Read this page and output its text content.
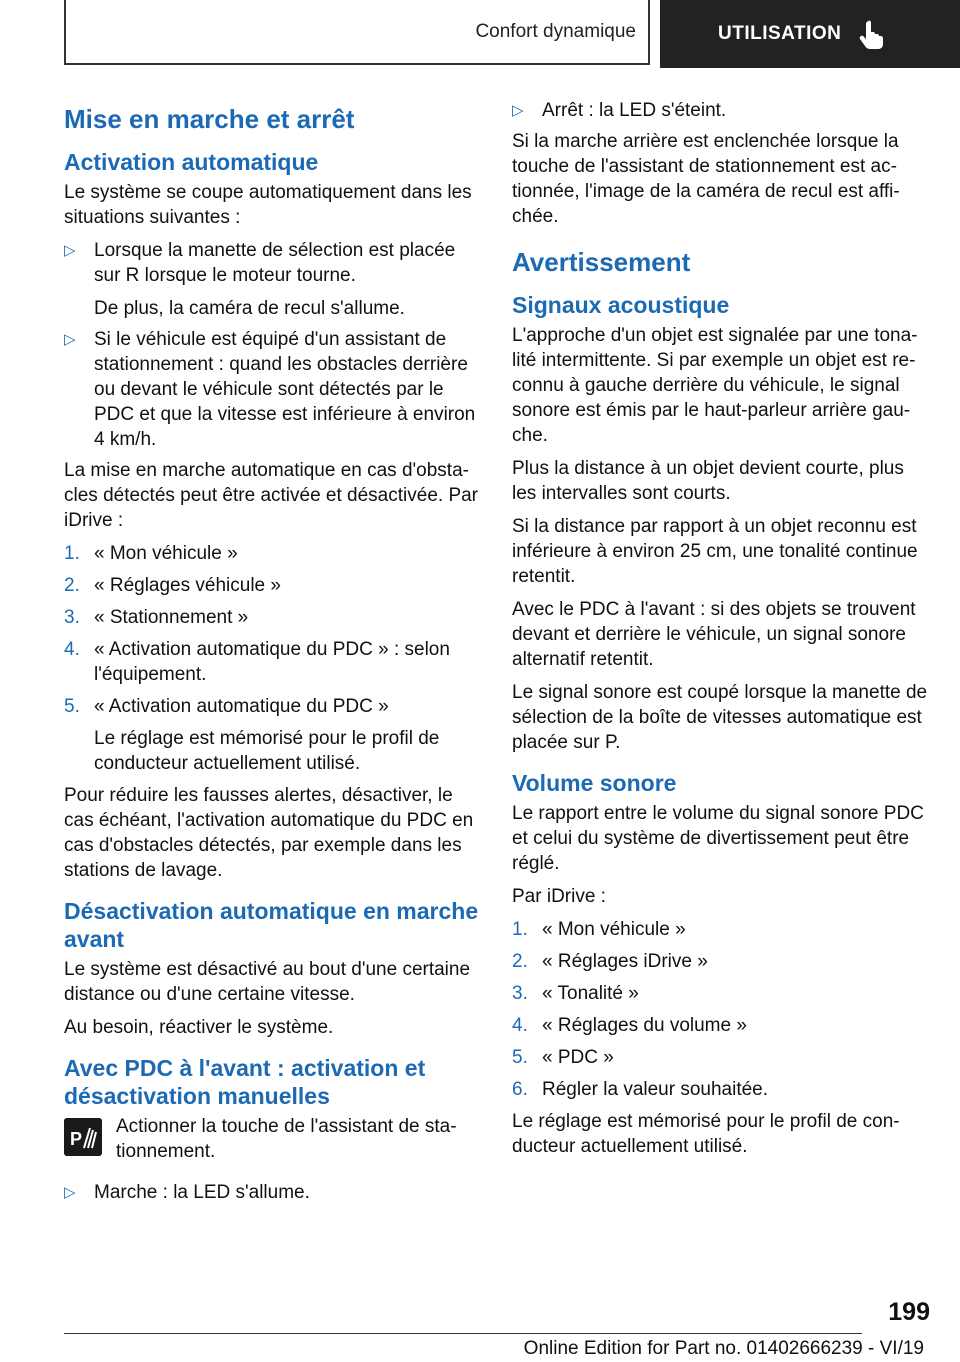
Confort dynamique	UTILISATION
Mise en marche et arrêt
Activation automatique

Le système se coupe automatiquement dans les situations suivantes :

▷ Lorsque la manette de sélection est placée sur R lorsque le moteur tourne.
De plus, la caméra de recul s'allume.
▷ Si le véhicule est équipé d'un assistant de stationnement : quand les obstacles derrière ou devant le véhicule sont détectés par le PDC et que la vitesse est inférieure à environ 4 km/h.

La mise en marche automatique en cas d'obsta‐cles détectés peut être activée et désactivée. Par iDrive :

1. « Mon véhicule »
2. « Réglages véhicule »
3. « Stationnement »
4. « Activation automatique du PDC » : selon l'équipement.
5. « Activation automatique du PDC »
Le réglage est mémorisé pour le profil de conducteur actuellement utilisé.

Pour réduire les fausses alertes, désactiver, le cas échéant, l'activation automatique du PDC en cas d'obstacles détectés, par exemple dans les stations de lavage.

Désactivation automatique en marche avant

Le système est désactivé au bout d'une certaine distance ou d'une certaine vitesse.

Au besoin, réactiver le système.

Avec PDC à l'avant : activation et désactivation manuelles
P

Actionner la touche de l'assistant de sta‐tionnement.

▷ Marche : la LED s'allume.
▷ Arrêt : la LED s'éteint.

Si la marche arrière est enclenchée lorsque la touche de l'assistant de stationnement est ac‐tionnée, l'image de la caméra de recul est affi‐chée.

Avertissement
Signaux acoustique

L'approche d'un objet est signalée par une tona‐lité intermittente. Si par exemple un objet est re‐connu à gauche derrière du véhicule, le signal sonore est émis par le haut-parleur arrière gau‐che.

Plus la distance à un objet devient courte, plus les intervalles sont courts.

Si la distance par rapport à un objet reconnu est inférieure à environ 25 cm, une tonalité continue retentit.

Avec le PDC à l'avant : si des objets se trouvent devant et derrière le véhicule, un signal sonore alternatif retentit.

Le signal sonore est coupé lorsque la manette de sélection de la boîte de vitesses automatique est placée sur P.

Volume sonore

Le rapport entre le volume du signal sonore PDC et celui du système de divertissement peut être réglé.

Par iDrive :

1. « Mon véhicule »
2. « Réglages iDrive »
3. « Tonalité »
4. « Réglages du volume »
5. « PDC »
6. Régler la valeur souhaitée.

Le réglage est mémorisé pour le profil de con‐ducteur actuellement utilisé.

199
Online Edition for Part no. 01402666239 - VI/19
